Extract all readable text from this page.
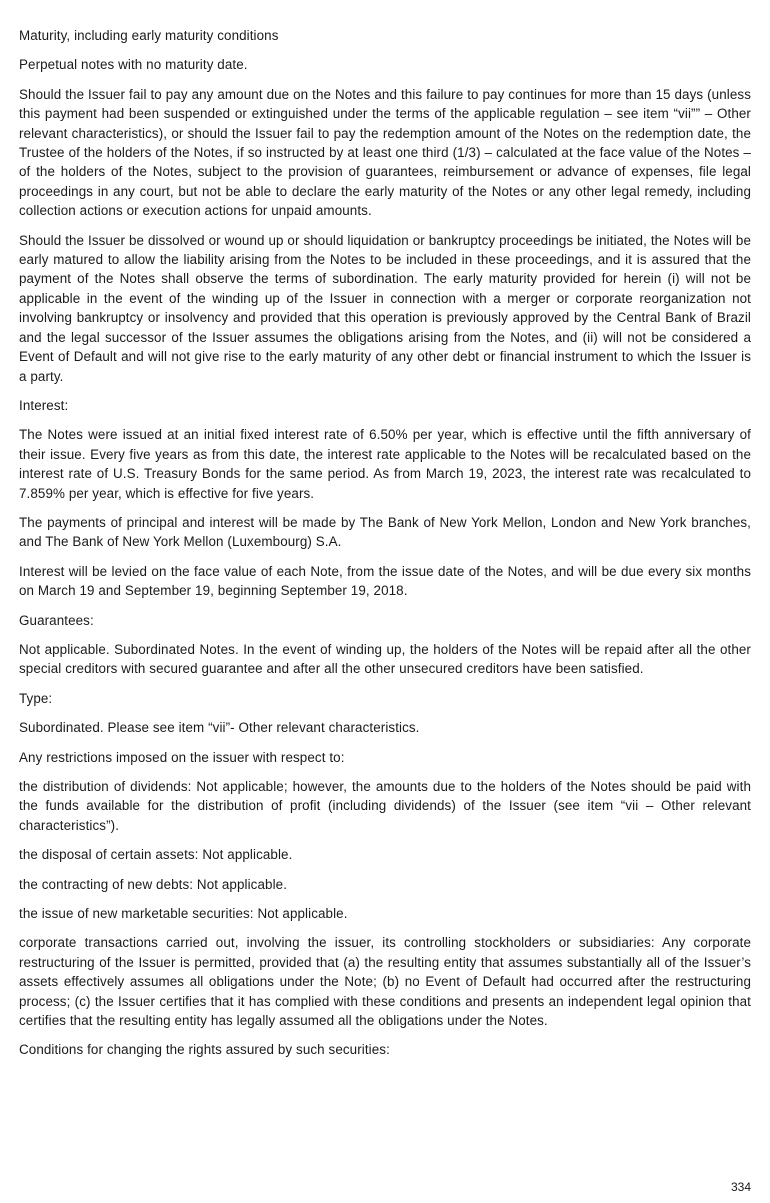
Maturity, including early maturity conditions

Perpetual notes with no maturity date.

Should the Issuer fail to pay any amount due on the Notes and this failure to pay continues for more than 15 days (unless this payment had been suspended or extinguished under the terms of the applicable regulation – see item “vii”” – Other relevant characteristics), or should the Issuer fail to pay the redemption amount of the Notes on the redemption date, the Trustee of the holders of the Notes, if so instructed by at least one third (1/3) – calculated at the face value of the Notes – of the holders of the Notes, subject to the provision of guarantees, reimbursement or advance of expenses, file legal proceedings in any court, but not be able to declare the early maturity of the Notes or any other legal remedy, including collection actions or execution actions for unpaid amounts.

Should the Issuer be dissolved or wound up or should liquidation or bankruptcy proceedings be initiated, the Notes will be early matured to allow the liability arising from the Notes to be included in these proceedings, and it is assured that the payment of the Notes shall observe the terms of subordination. The early maturity provided for herein (i) will not be applicable in the event of the winding up of the Issuer in connection with a merger or corporate reorganization not involving bankruptcy or insolvency and provided that this operation is previously approved by the Central Bank of Brazil and the legal successor of the Issuer assumes the obligations arising from the Notes, and (ii) will not be considered a Event of Default and will not give rise to the early maturity of any other debt or financial instrument to which the Issuer is a party.

Interest:

The Notes were issued at an initial fixed interest rate of 6.50% per year, which is effective until the fifth anniversary of their issue. Every five years as from this date, the interest rate applicable to the Notes will be recalculated based on the interest rate of U.S. Treasury Bonds for the same period. As from March 19, 2023, the interest rate was recalculated to 7.859% per year, which is effective for five years.

The payments of principal and interest will be made by The Bank of New York Mellon, London and New York branches, and The Bank of New York Mellon (Luxembourg) S.A.

Interest will be levied on the face value of each Note, from the issue date of the Notes, and will be due every six months on March 19 and September 19, beginning September 19, 2018.

Guarantees:

Not applicable. Subordinated Notes. In the event of winding up, the holders of the Notes will be repaid after all the other special creditors with secured guarantee and after all the other unsecured creditors have been satisfied.

Type:

Subordinated. Please see item “vii”- Other relevant characteristics.

Any restrictions imposed on the issuer with respect to:

the distribution of dividends: Not applicable; however, the amounts due to the holders of the Notes should be paid with the funds available for the distribution of profit (including dividends) of the Issuer (see item “vii – Other relevant characteristics”).

the disposal of certain assets: Not applicable.

the contracting of new debts: Not applicable.

the issue of new marketable securities: Not applicable.

corporate transactions carried out, involving the issuer, its controlling stockholders or subsidiaries: Any corporate restructuring of the Issuer is permitted, provided that (a) the resulting entity that assumes substantially all of the Issuer’s assets effectively assumes all obligations under the Note; (b) no Event of Default had occurred after the restructuring process; (c) the Issuer certifies that it has complied with these conditions and presents an independent legal opinion that certifies that the resulting entity has legally assumed all the obligations under the Notes.

Conditions for changing the rights assured by such securities:

334
